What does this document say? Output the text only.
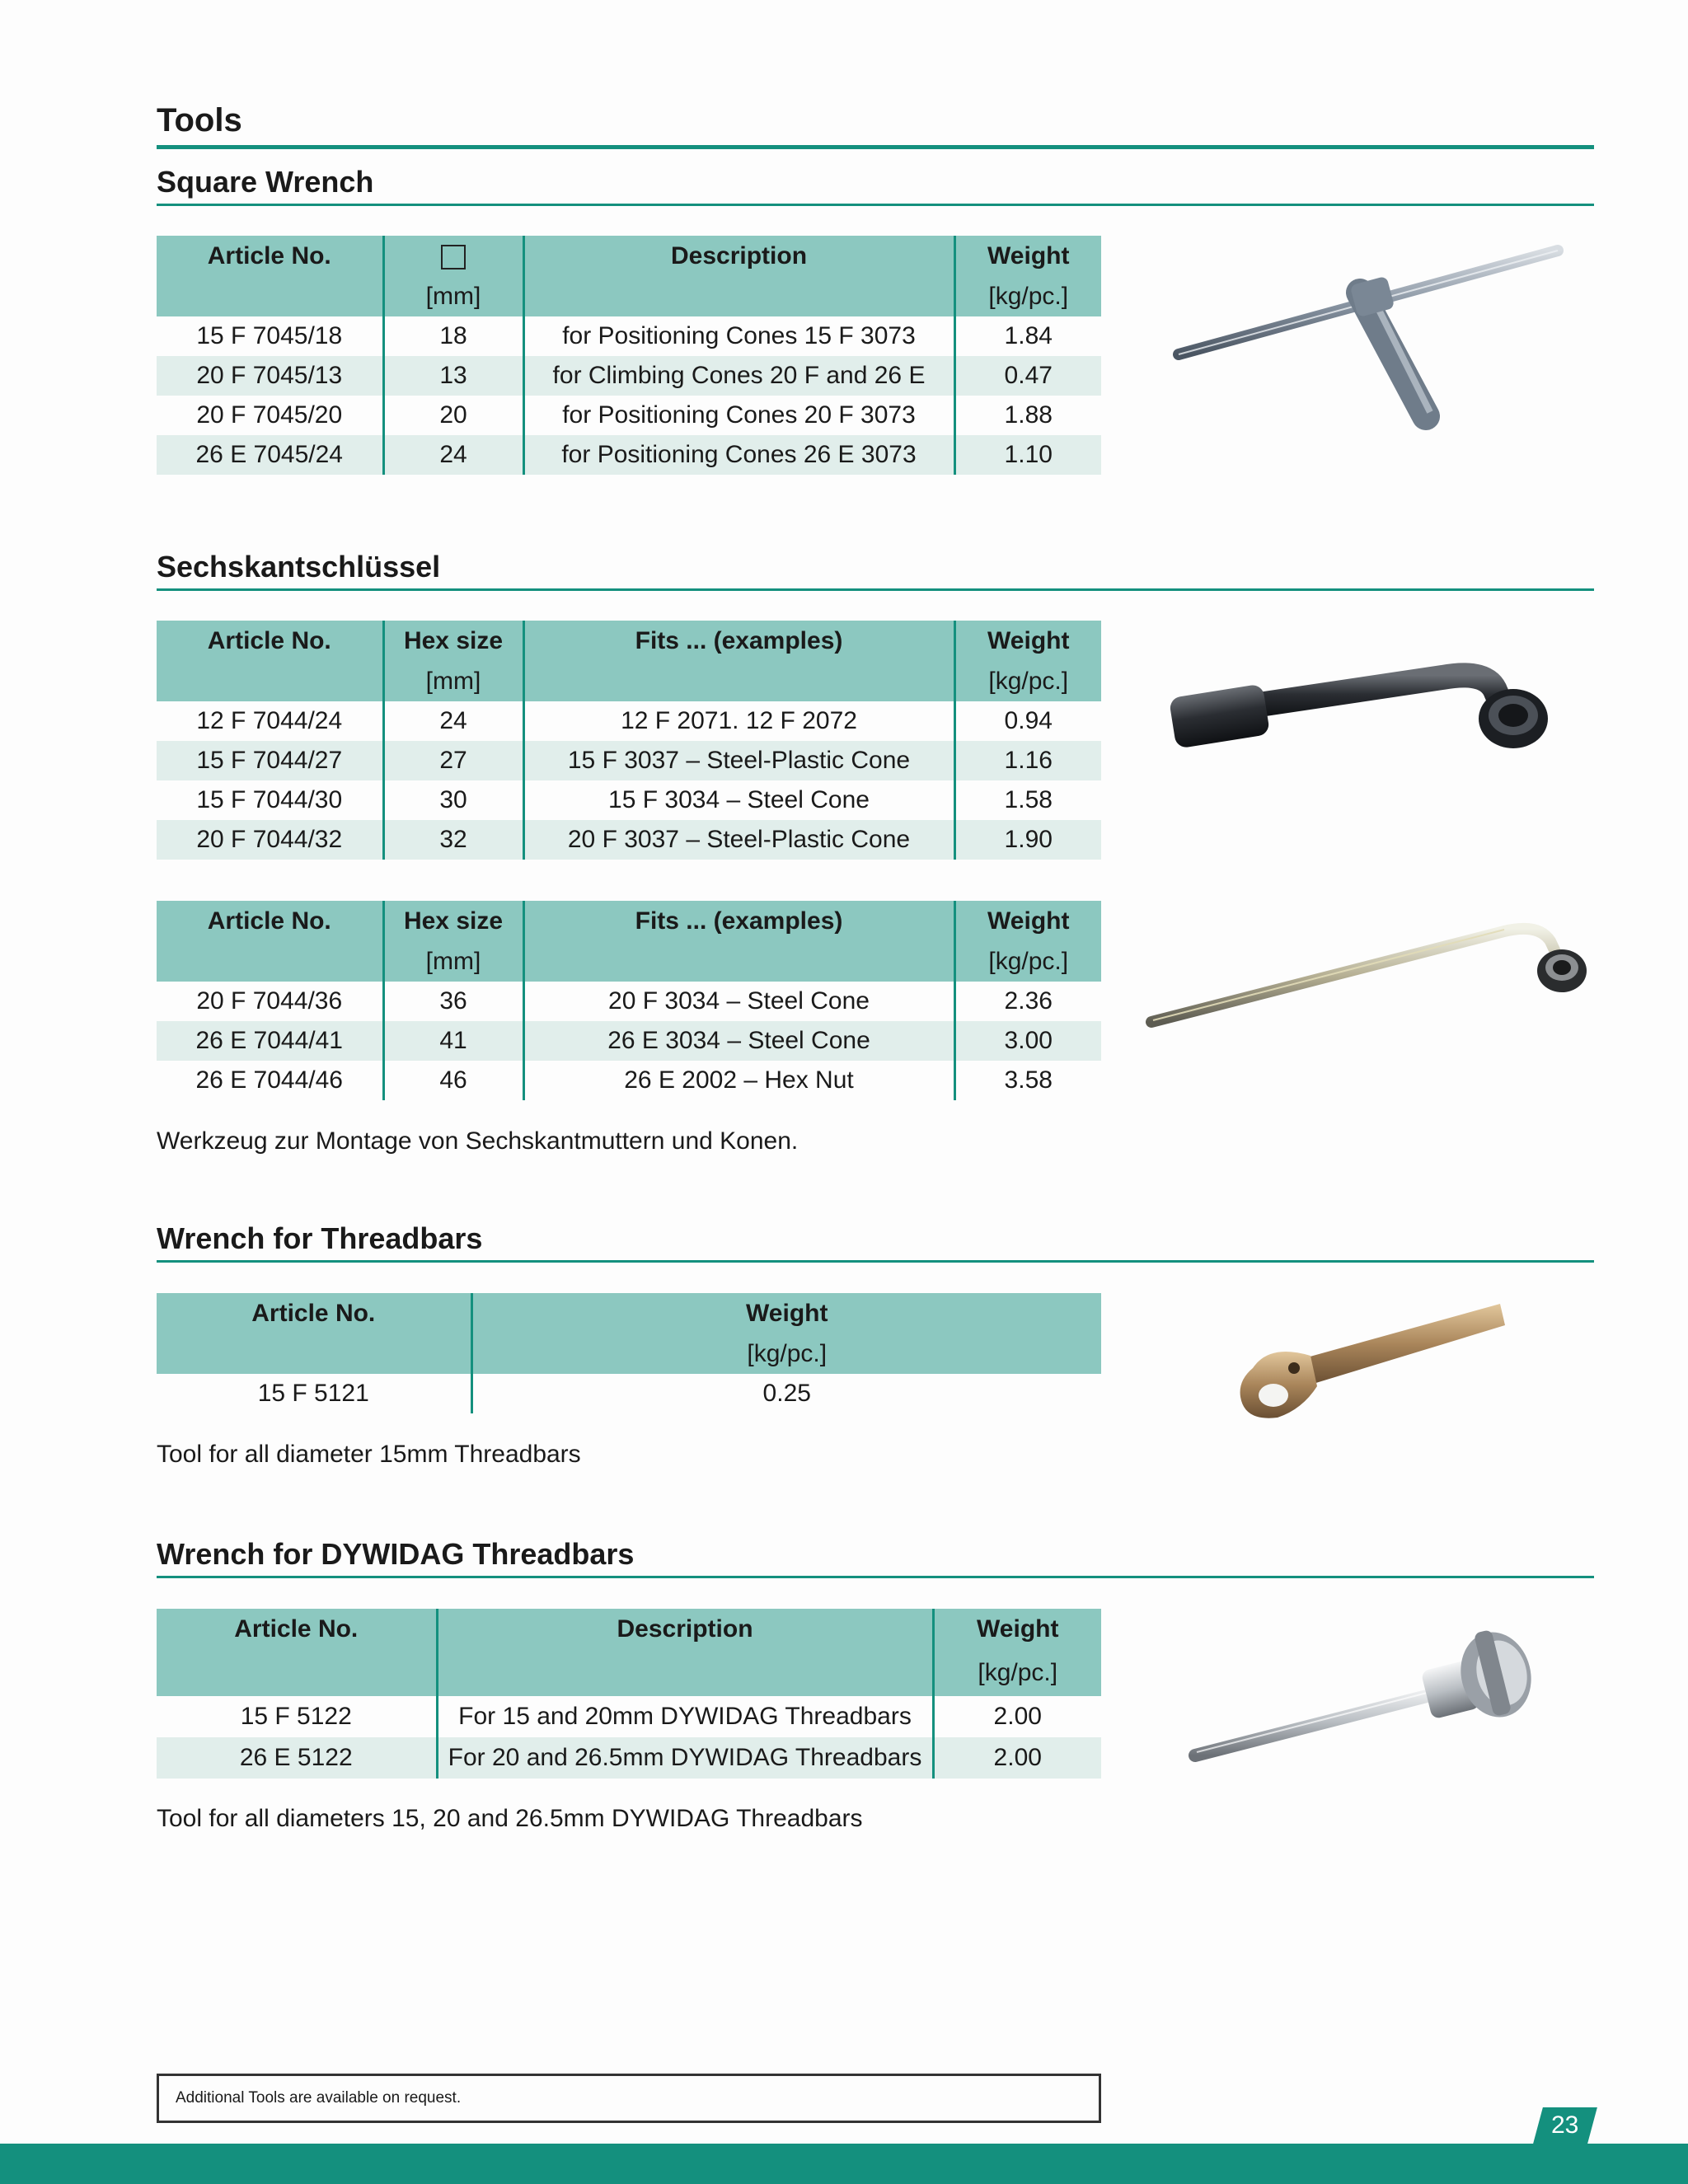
Tools
Square Wrench
Article No.		Description	Weight
	[mm]		[kg/pc.]
15 F 7045/18	18	for Positioning Cones 15 F 3073	1.84
20 F 7045/13	13	for Climbing Cones 20 F and 26 E	0.47
20 F 7045/20	20	for Positioning Cones 20 F 3073	1.88
26 E 7045/24	24	for Positioning Cones 26 E 3073	1.10
Sechskantschlüssel
Article No.	Hex size	Fits ... (examples)	Weight
	[mm]		[kg/pc.]
12 F 7044/24	24	12 F 2071. 12 F 2072	0.94
15 F 7044/27	27	15 F 3037 – Steel-Plastic Cone	1.16
15 F 7044/30	30	15 F 3034 – Steel Cone	1.58
20 F 7044/32	32	20 F 3037 – Steel-Plastic Cone	1.90
Article No.	Hex size	Fits ... (examples)	Weight
	[mm]		[kg/pc.]
20 F 7044/36	36	20 F 3034 – Steel Cone	2.36
26 E 7044/41	41	26 E 3034 – Steel Cone	3.00
26 E 7044/46	46	26 E 2002 – Hex Nut	3.58
Werkzeug zur Montage von Sechskantmuttern und Konen.
Wrench for Threadbars
Article No.	Weight
	[kg/pc.]
15 F 5121	0.25
Tool for all diameter 15mm Threadbars
Wrench for DYWIDAG Threadbars
Article No.	Description	Weight
		[kg/pc.]
15 F 5122	For 15 and 20mm DYWIDAG Threadbars	2.00
26 E 5122	For 20 and 26.5mm DYWIDAG Threadbars	2.00
Tool for all diameters 15, 20 and 26.5mm DYWIDAG Threadbars
Additional Tools are available on request.
23
